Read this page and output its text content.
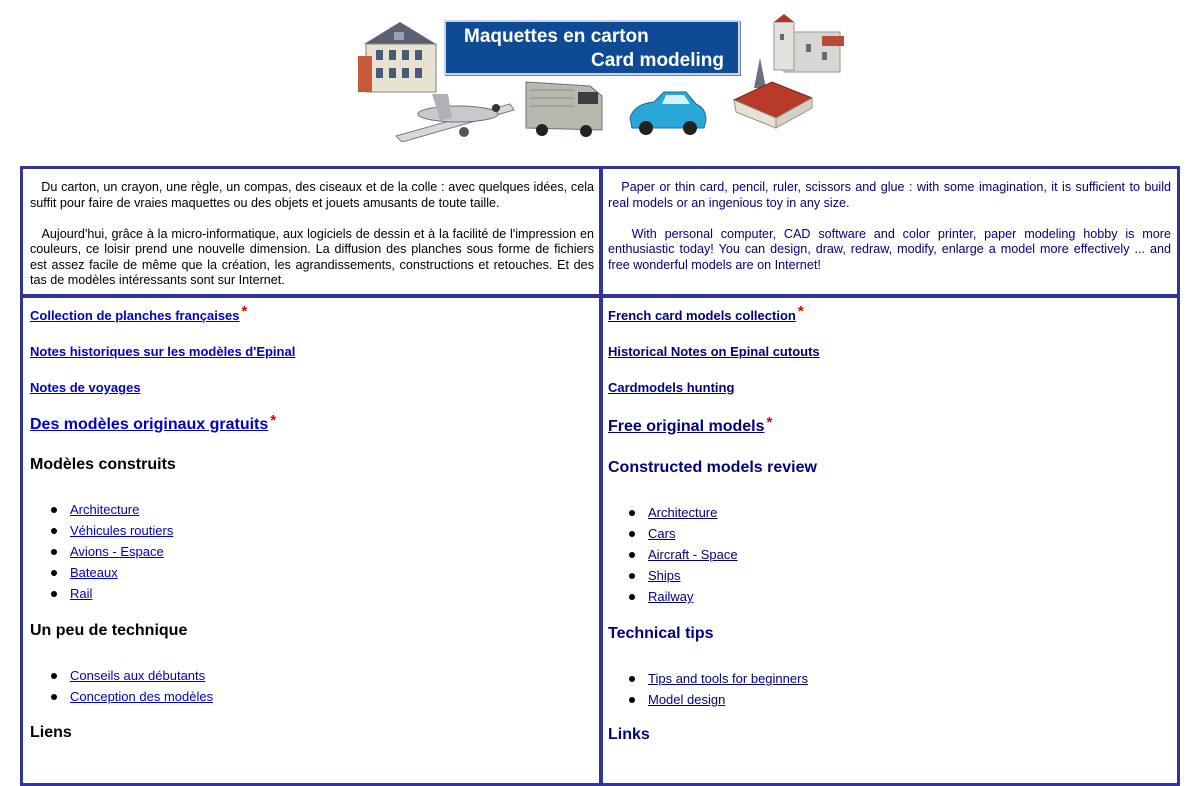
Maquettes en carton
Card modeling

Du carton, un crayon, une règle, un compas, des ciseaux et de la colle : avec quelques idées, cela suffit pour faire de vraies maquettes ou des objets et jouets amusants de toute taille.

Aujourd'hui, grâce à la micro-informatique, aux logiciels de dessin et à la facilité de l'impression en couleurs, ce loisir prend une nouvelle dimension. La diffusion des planches sous forme de fichiers est assez facile de même que la création, les agrandissements, constructions et retouches. Et des tas de modèles intéressants sont sur Internet.

Paper or thin card, pencil, ruler, scissors and glue : with some imagination, it is sufficient to build real models or an ingenious toy in any size.

With personal computer, CAD software and color printer, paper modeling hobby is more enthusiastic today! You can design, draw, redraw, modify, enlarge a model more effectively ... and free wonderful models are on Internet!

Collection de planches françaises *
Notes historiques sur les modèles d'Epinal
Notes de voyages
Des modèles originaux gratuits *
Modèles construits
Architecture
Véhicules routiers
Avions - Espace
Bateaux
Rail
Un peu de technique
Conseils aux débutants
Conception des modèles
Liens
French card models collection *
Historical Notes on Epinal cutouts
Cardmodels hunting
Free original models *
Constructed models review
Architecture
Cars
Aircraft - Space
Ships
Railway
Technical tips
Tips and tools for beginners
Model design
Links
